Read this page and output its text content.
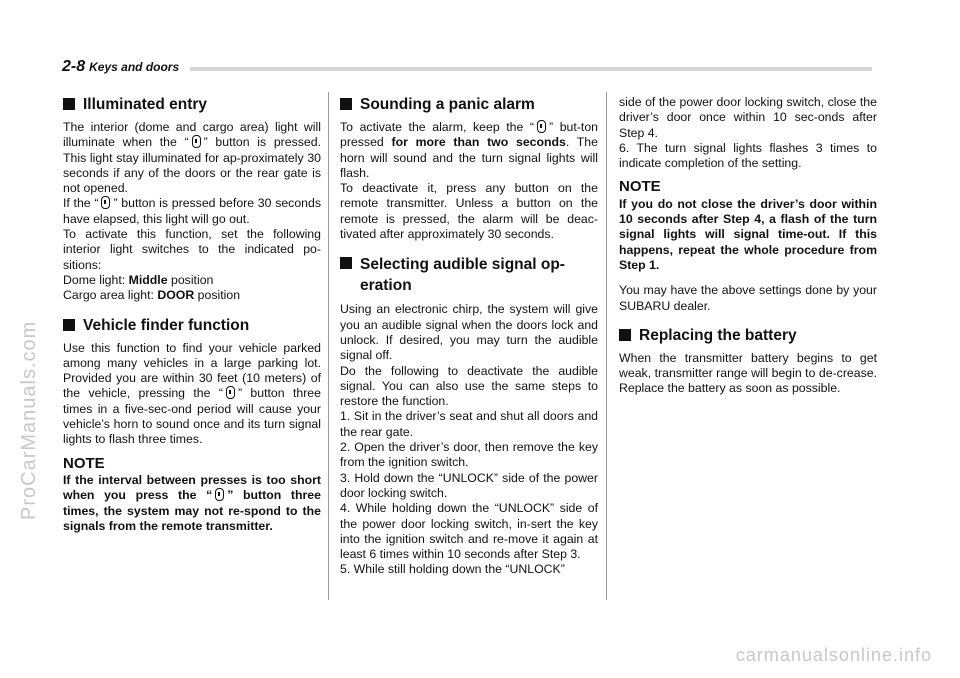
2-8 Keys and doors
Illuminated entry

The interior (dome and cargo area) light will illuminate when the “ ” button is pressed. This light stay illuminated for ap-proximately 30 seconds if any of the doors or the rear gate is not opened.

If the “ ” button is pressed before 30 seconds have elapsed, this light will go out.

To activate this function, set the following interior light switches to the indicated po-sitions:

Dome light: Middle position

Cargo area light: DOOR position

Vehicle finder function

Use this function to find your vehicle parked among many vehicles in a large parking lot. Provided you are within 30 feet (10 meters) of the vehicle, pressing the “ ” button three times in a five-sec-ond period will cause your vehicle’s horn to sound once and its turn signal lights to flash three times.

NOTE

If the interval between presses is too short when you press the “ ” button three times, the system may not re-spond to the signals from the remote transmitter.

Sounding a panic alarm

To activate the alarm, keep the “ ” but-ton pressed for more than two seconds. The horn will sound and the turn signal lights will flash.

To deactivate it, press any button on the remote transmitter. Unless a button on the remote is pressed, the alarm will be deac-tivated after approximately 30 seconds.

Selecting audible signal op-eration

Using an electronic chirp, the system will give you an audible signal when the doors lock and unlock. If desired, you may turn the audible signal off.

Do the following to deactivate the audible signal. You can also use the same steps to restore the function.

1. Sit in the driver’s seat and shut all doors and the rear gate.

2. Open the driver’s door, then remove the key from the ignition switch.

3. Hold down the “UNLOCK” side of the power door locking switch.

4. While holding down the “UNLOCK” side of the power door locking switch, in-sert the key into the ignition switch and re-move it again at least 6 times within 10 seconds after Step 3.

5. While still holding down the “UNLOCK”

side of the power door locking switch, close the driver’s door once within 10 sec-onds after Step 4.

6. The turn signal lights flashes 3 times to indicate completion of the setting.

NOTE

If you do not close the driver’s door within 10 seconds after Step 4, a flash of the turn signal lights will signal time-out. If this happens, repeat the whole procedure from Step 1.

You may have the above settings done by your SUBARU dealer.

Replacing the battery

When the transmitter battery begins to get weak, transmitter range will begin to de-crease. Replace the battery as soon as possible.

ProCarManuals.com
carmanualsonline.info
